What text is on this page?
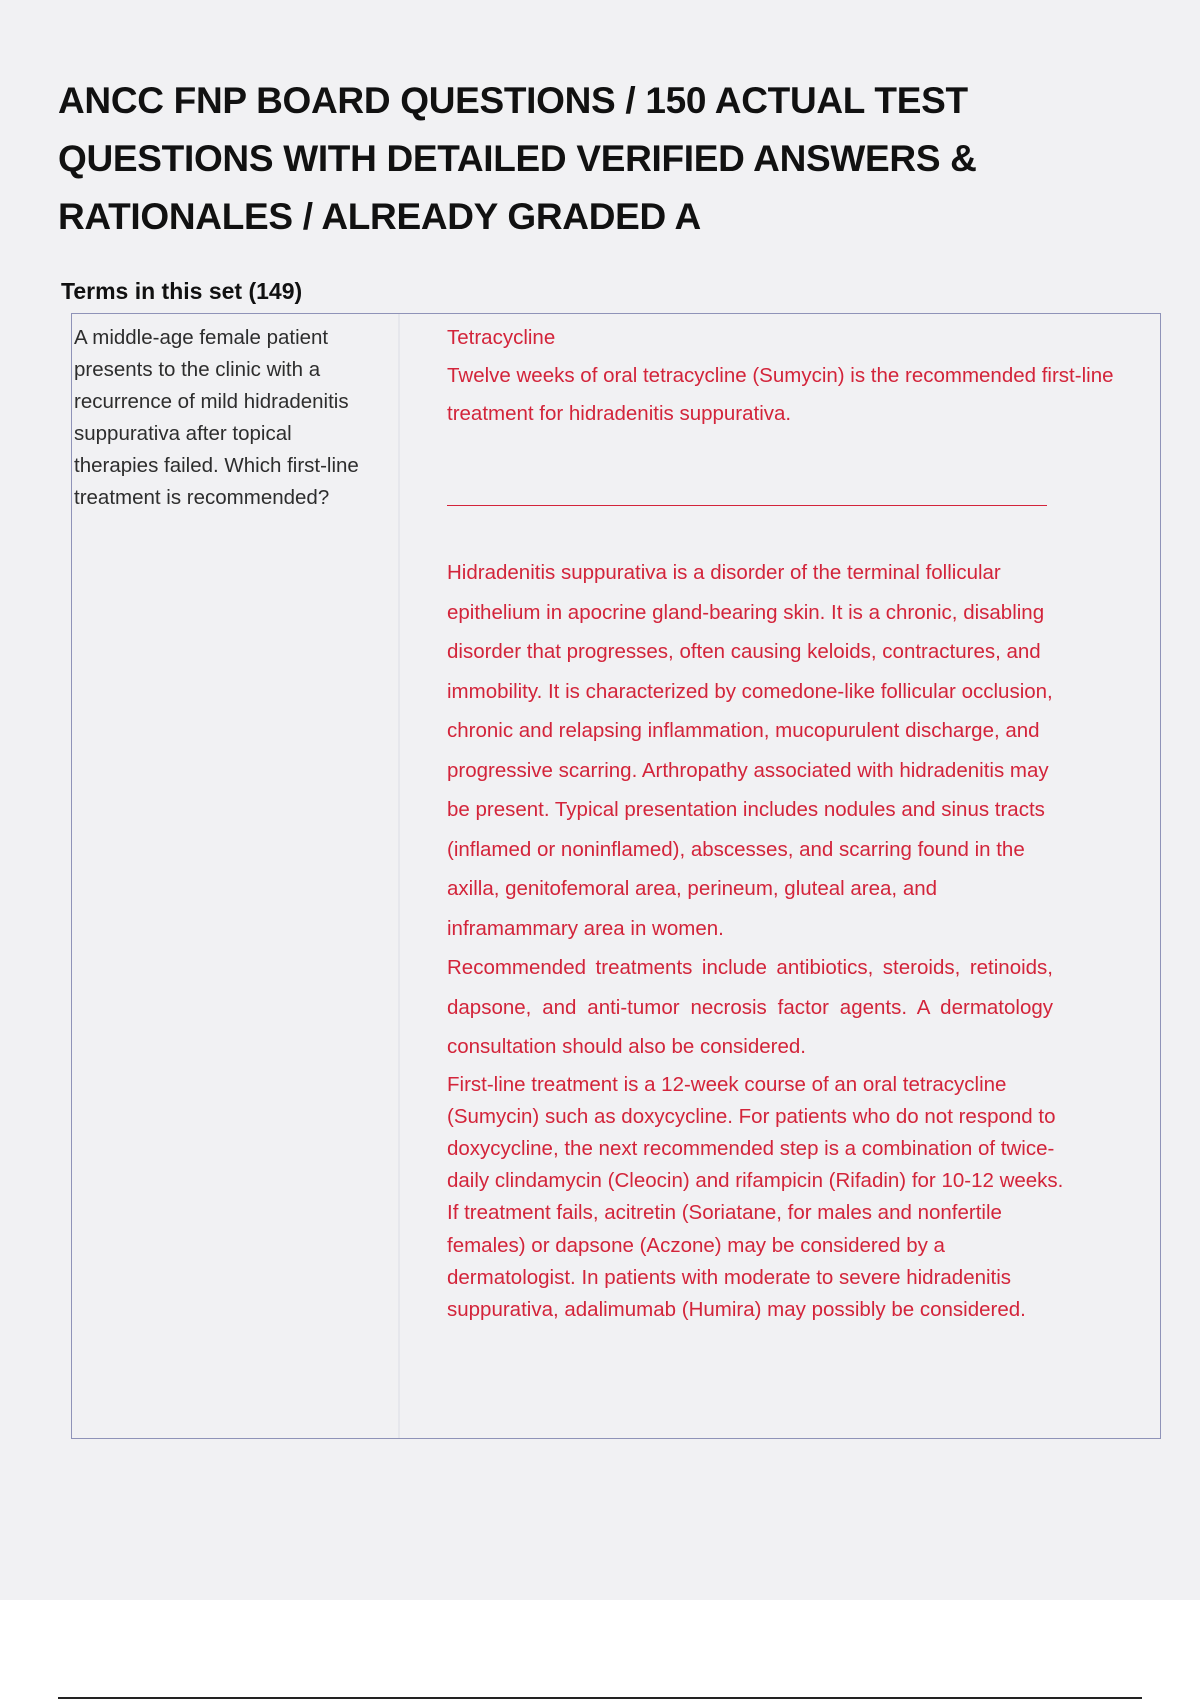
ANCC FNP BOARD QUESTIONS / 150 ACTUAL TEST QUESTIONS WITH DETAILED VERIFIED ANSWERS & RATIONALES / ALREADY GRADED A
Terms in this set (149)
A middle-age female patient presents to the clinic with a recurrence of mild hidradenitis suppurativa after topical therapies failed. Which first-line treatment is recommended?
Tetracycline
Twelve weeks of oral tetracycline (Sumycin) is the recommended first-line treatment for hidradenitis suppurativa.
Hidradenitis suppurativa is a disorder of the terminal follicular epithelium in apocrine gland-bearing skin. It is a chronic, disabling disorder that progresses, often causing keloids, contractures, and immobility. It is characterized by comedone-like follicular occlusion, chronic and relapsing inflammation, mucopurulent discharge, and progressive scarring. Arthropathy associated with hidradenitis may be present. Typical presentation includes nodules and sinus tracts (inflamed or noninflamed), abscesses, and scarring found in the axilla, genitofemoral area, perineum, gluteal area, and inframammary area in women.
Recommended treatments include antibiotics, steroids, retinoids, dapsone, and anti-tumor necrosis factor agents. A dermatology consultation should also be considered.
First-line treatment is a 12-week course of an oral tetracycline (Sumycin) such as doxycycline. For patients who do not respond to doxycycline, the next recommended step is a combination of twice-daily clindamycin (Cleocin) and rifampicin (Rifadin) for 10-12 weeks. If treatment fails, acitretin (Soriatane, for males and nonfertile females) or dapsone (Aczone) may be considered by a dermatologist. In patients with moderate to severe hidradenitis suppurativa, adalimumab (Humira) may possibly be considered.
